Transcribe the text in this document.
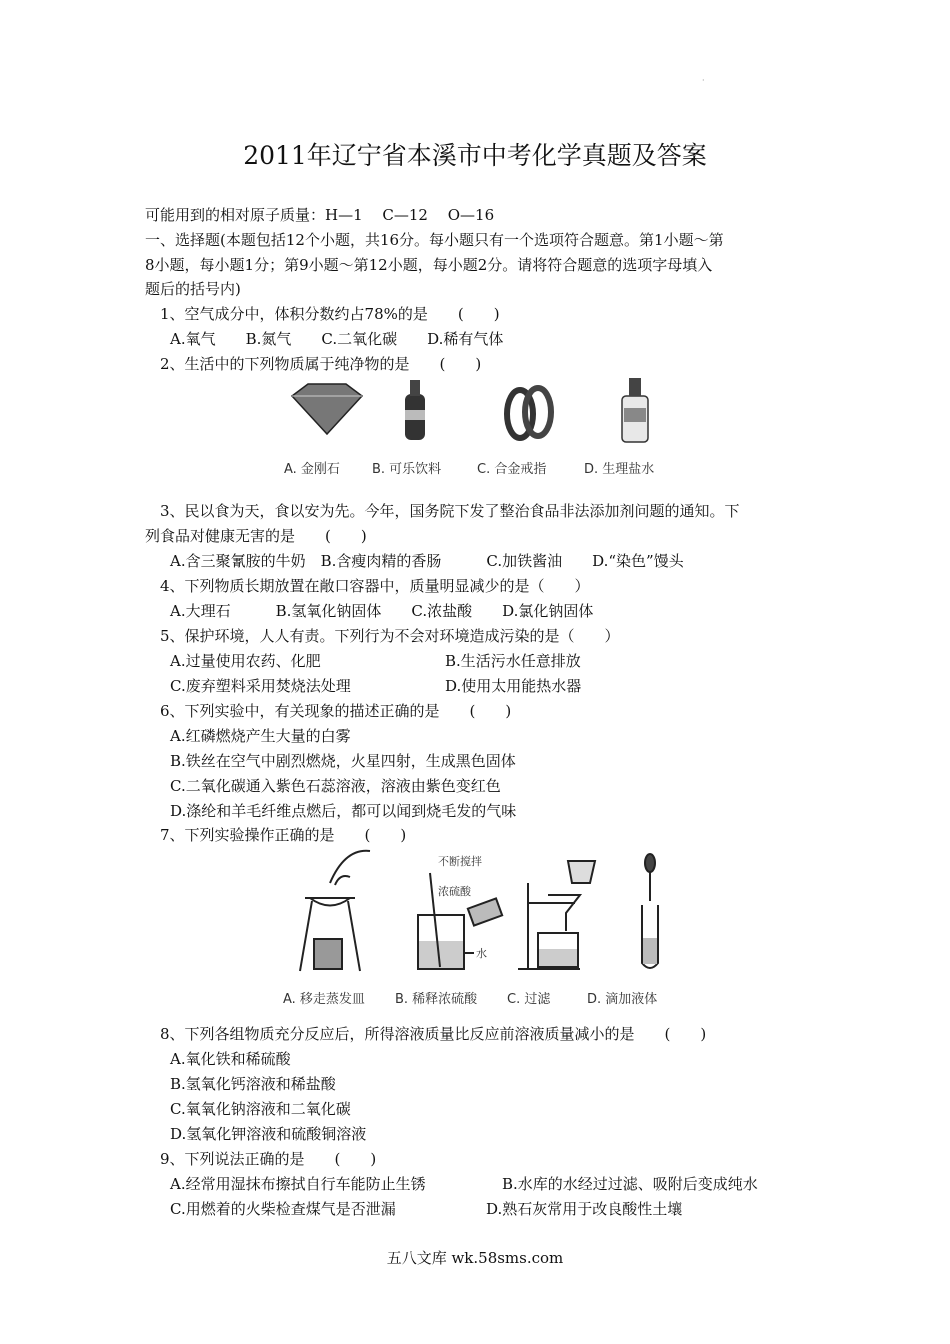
·
2011年辽宁省本溪市中考化学真题及答案
可能用到的相对原子质量：H—1　 C—12　 O—16
一、选择题(本题包括12个小题，共16分。每小题只有一个选项符合题意。第1小题～第
8小题，每小题1分；第9小题～第12小题，每小题2分。请将符合题意的选项字母填入
题后的括号内)
1、空气成分中，体积分数约占78%的是　　(　　)
A.氧气　　B.氮气　　C.二氧化碳　　D.稀有气体
2、生活中的下列物质属于纯净物的是　　(　　)
A. 金刚石 B. 可乐饮料	C. 合金戒指	D. 生理盐水
3、民以食为天，食以安为先。今年，国务院下发了整治食品非法添加剂问题的通知。下
列食品对健康无害的是　　(　　)
A.含三聚氰胺的牛奶　B.含瘦肉精的香肠　　　C.加铁酱油　　D.“染色”馒头
4、下列物质长期放置在敞口容器中，质量明显减少的是（　　）
A.大理石　　　B.氢氧化钠固体　　C.浓盐酸　　D.氯化钠固体
5、保护环境，人人有责。下列行为不会对环境造成污染的是（　　）
A.过量使用农药、化肥	B.生活污水任意排放
C.废弃塑料采用焚烧法处理	D.使用太用能热水器
6、下列实验中，有关现象的描述正确的是　　(　　)
A.红磷燃烧产生大量的白雾
B.铁丝在空气中剧烈燃烧，火星四射，生成黑色固体
C.二氧化碳通入紫色石蕊溶液，溶液由紫色变红色
D.涤纶和羊毛纤维点燃后，都可以闻到烧毛发的气味
7、下列实验操作正确的是　　(　　)
不断搅拌
浓硫酸
水
A. 移走蒸发皿 B. 稀释浓硫酸 C. 过滤	D. 滴加液体
8、下列各组物质充分反应后，所得溶液质量比反应前溶液质量减小的是　　(　　)
A.氧化铁和稀硫酸
B.氢氧化钙溶液和稀盐酸
C.氧氧化钠溶液和二氧化碳
D.氢氧化钾溶液和硫酸铜溶液
9、下列说法正确的是　　(　　)
A.经常用湿抹布擦拭自行车能防止生锈	B.水库的水经过过滤、吸附后变成纯水
C.用燃着的火柴检查煤气是否泄漏	D.熟石灰常用于改良酸性土壤
五八文库 wk.58sms.com
